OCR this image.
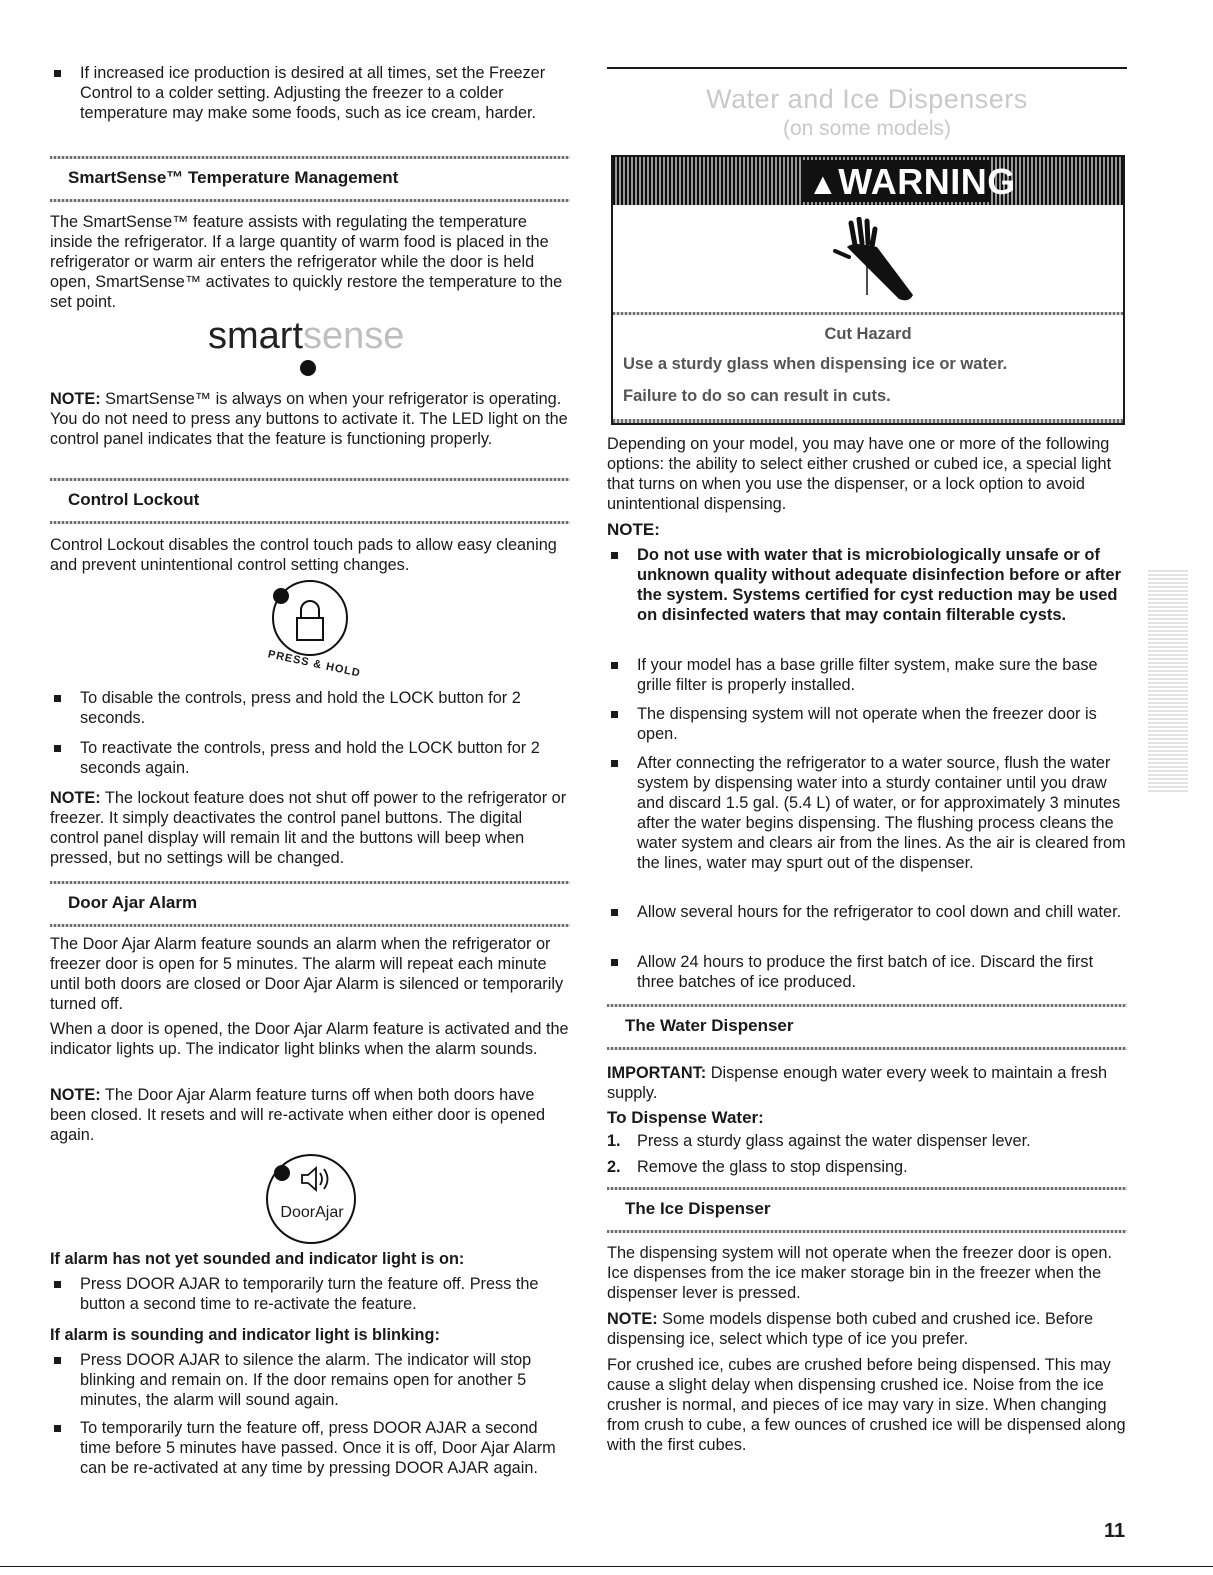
If increased ice production is desired at all times, set the Freezer Control to a colder setting. Adjusting the freezer to a colder temperature may make some foods, such as ice cream, harder.
SmartSense™ Temperature Management
The SmartSense™ feature assists with regulating the temperature inside the refrigerator. If a large quantity of warm food is placed in the refrigerator or warm air enters the refrigerator while the door is held open, SmartSense™ activates to quickly restore the temperature to the set point.
smartsense
NOTE: SmartSense™ is always on when your refrigerator is operating. You do not need to press any buttons to activate it. The LED light on the control panel indicates that the feature is functioning properly.
Control Lockout
Control Lockout disables the control touch pads to allow easy cleaning and prevent unintentional control setting changes.
PRESS & HOLD
To disable the controls, press and hold the LOCK button for 2 seconds.
To reactivate the controls, press and hold the LOCK button for 2 seconds again.
NOTE: The lockout feature does not shut off power to the refrigerator or freezer. It simply deactivates the control panel buttons. The digital control panel display will remain lit and the buttons will beep when pressed, but no settings will be changed.
Door Ajar Alarm
The Door Ajar Alarm feature sounds an alarm when the refrigerator or freezer door is open for 5 minutes. The alarm will repeat each minute until both doors are closed or Door Ajar Alarm is silenced or temporarily turned off.
When a door is opened, the Door Ajar Alarm feature is activated and the indicator lights up. The indicator light blinks when the alarm sounds.
NOTE: The Door Ajar Alarm feature turns off when both doors have been closed. It resets and will re-activate when either door is opened again.
DoorAjar
If alarm has not yet sounded and indicator light is on:
Press DOOR AJAR to temporarily turn the feature off. Press the button a second time to re-activate the feature.
If alarm is sounding and indicator light is blinking:
Press DOOR AJAR to silence the alarm. The indicator will stop blinking and remain on. If the door remains open for another 5 minutes, the alarm will sound again.
To temporarily turn the feature off, press DOOR AJAR a second time before 5 minutes have passed. Once it is off, Door Ajar Alarm can be re-activated at any time by pressing DOOR AJAR again.
Water and Ice Dispensers
(on some models)
▲WARNING
Cut Hazard
Use a sturdy glass when dispensing ice or water.
Failure to do so can result in cuts.
Depending on your model, you may have one or more of the following options: the ability to select either crushed or cubed ice, a special light that turns on when you use the dispenser, or a lock option to avoid unintentional dispensing.
NOTE:
Do not use with water that is microbiologically unsafe or of unknown quality without adequate disinfection before or after the system. Systems certified for cyst reduction may be used on disinfected waters that may contain filterable cysts.
If your model has a base grille filter system, make sure the base grille filter is properly installed.
The dispensing system will not operate when the freezer door is open.
After connecting the refrigerator to a water source, flush the water system by dispensing water into a sturdy container until you draw and discard 1.5 gal. (5.4 L) of water, or for approximately 3 minutes after the water begins dispensing. The flushing process cleans the water system and clears air from the lines. As the air is cleared from the lines, water may spurt out of the dispenser.
Allow several hours for the refrigerator to cool down and chill water.
Allow 24 hours to produce the first batch of ice. Discard the first three batches of ice produced.
The Water Dispenser
IMPORTANT: Dispense enough water every week to maintain a fresh supply.
To Dispense Water:
1. Press a sturdy glass against the water dispenser lever.
2. Remove the glass to stop dispensing.
The Ice Dispenser
The dispensing system will not operate when the freezer door is open. Ice dispenses from the ice maker storage bin in the freezer when the dispenser lever is pressed.
NOTE: Some models dispense both cubed and crushed ice. Before dispensing ice, select which type of ice you prefer.
For crushed ice, cubes are crushed before being dispensed. This may cause a slight delay when dispensing crushed ice. Noise from the ice crusher is normal, and pieces of ice may vary in size. When changing from crush to cube, a few ounces of crushed ice will be dispensed along with the first cubes.
11
